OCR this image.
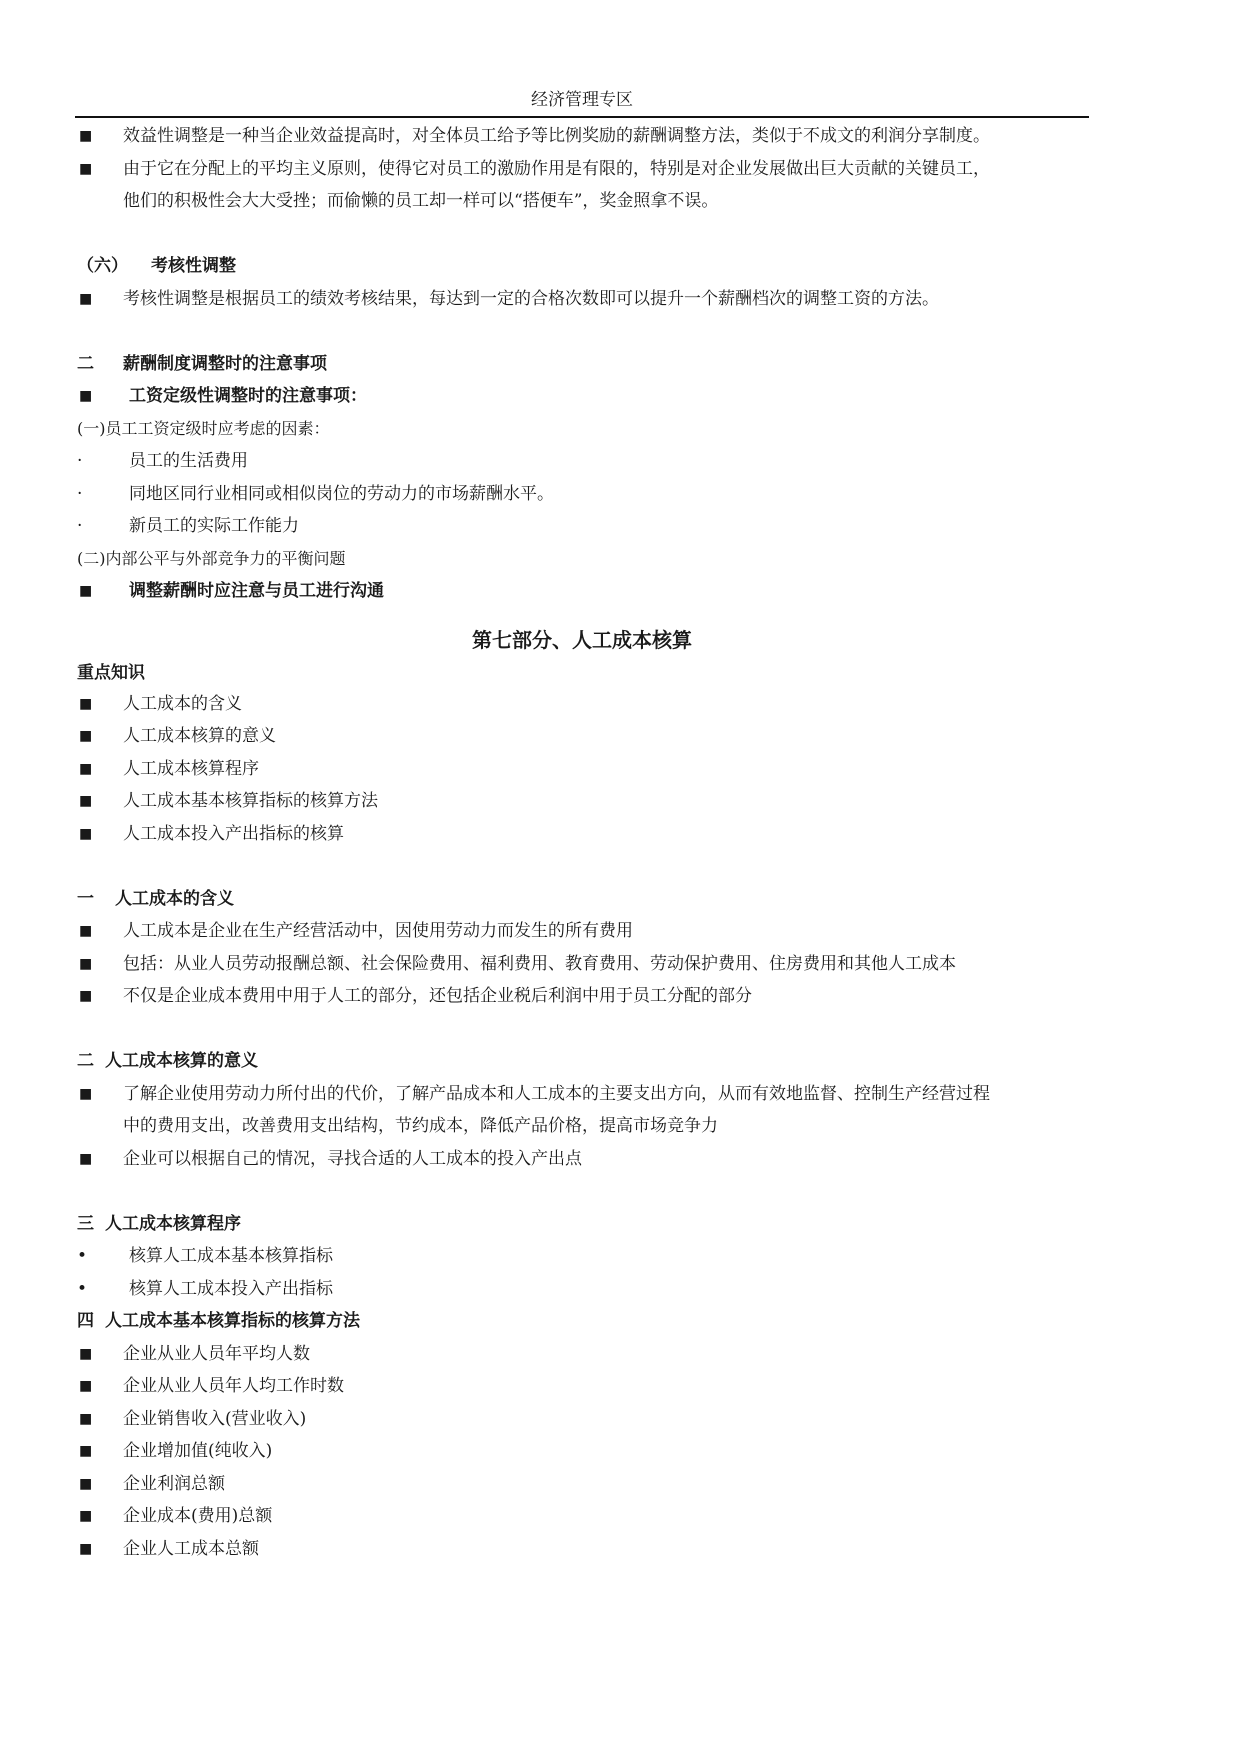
经济管理专区
■ 效益性调整是一种当企业效益提高时，对全体员工给予等比例奖励的薪酬调整方法，类似于不成文的利润分享制度。
■ 由于它在分配上的平均主义原则，使得它对员工的激励作用是有限的，特别是对企业发展做出巨大贡献的关键员工，
他们的积极性会大大受挫；而偷懒的员工却一样可以“搭便车”，奖金照拿不误。
（六） 考核性调整
■ 考核性调整是根据员工的绩效考核结果，每达到一定的合格次数即可以提升一个薪酬档次的调整工资的方法。
二 薪酬制度调整时的注意事项
■ 工资定级性调整时的注意事项：
(一)员工工资定级时应考虑的因素：
·	员工的生活费用
·	同地区同行业相同或相似岗位的劳动力的市场薪酬水平。
·	新员工的实际工作能力
(二)内部公平与外部竞争力的平衡问题
■ 调整薪酬时应注意与员工进行沟通
第七部分、人工成本核算
重点知识
■ 人工成本的含义
■ 人工成本核算的意义
■ 人工成本核算程序
■ 人工成本基本核算指标的核算方法
■ 人工成本投入产出指标的核算
一 人工成本的含义
■ 人工成本是企业在生产经营活动中，因使用劳动力而发生的所有费用
■ 包括：从业人员劳动报酬总额、社会保险费用、福利费用、教育费用、劳动保护费用、住房费用和其他人工成本
■ 不仅是企业成本费用中用于人工的部分，还包括企业税后利润中用于员工分配的部分
二 人工成本核算的意义
■ 了解企业使用劳动力所付出的代价，了解产品成本和人工成本的主要支出方向，从而有效地监督、控制生产经营过程
中的费用支出，改善费用支出结构，节约成本，降低产品价格，提高市场竞争力
■ 企业可以根据自己的情况，寻找合适的人工成本的投入产出点
三 人工成本核算程序
• 核算人工成本基本核算指标
• 核算人工成本投入产出指标
四 人工成本基本核算指标的核算方法
■ 企业从业人员年平均人数
■ 企业从业人员年人均工作时数
■ 企业销售收入(营业收入)
■ 企业增加值(纯收入)
■ 企业利润总额
■ 企业成本(费用)总额
■ 企业人工成本总额
